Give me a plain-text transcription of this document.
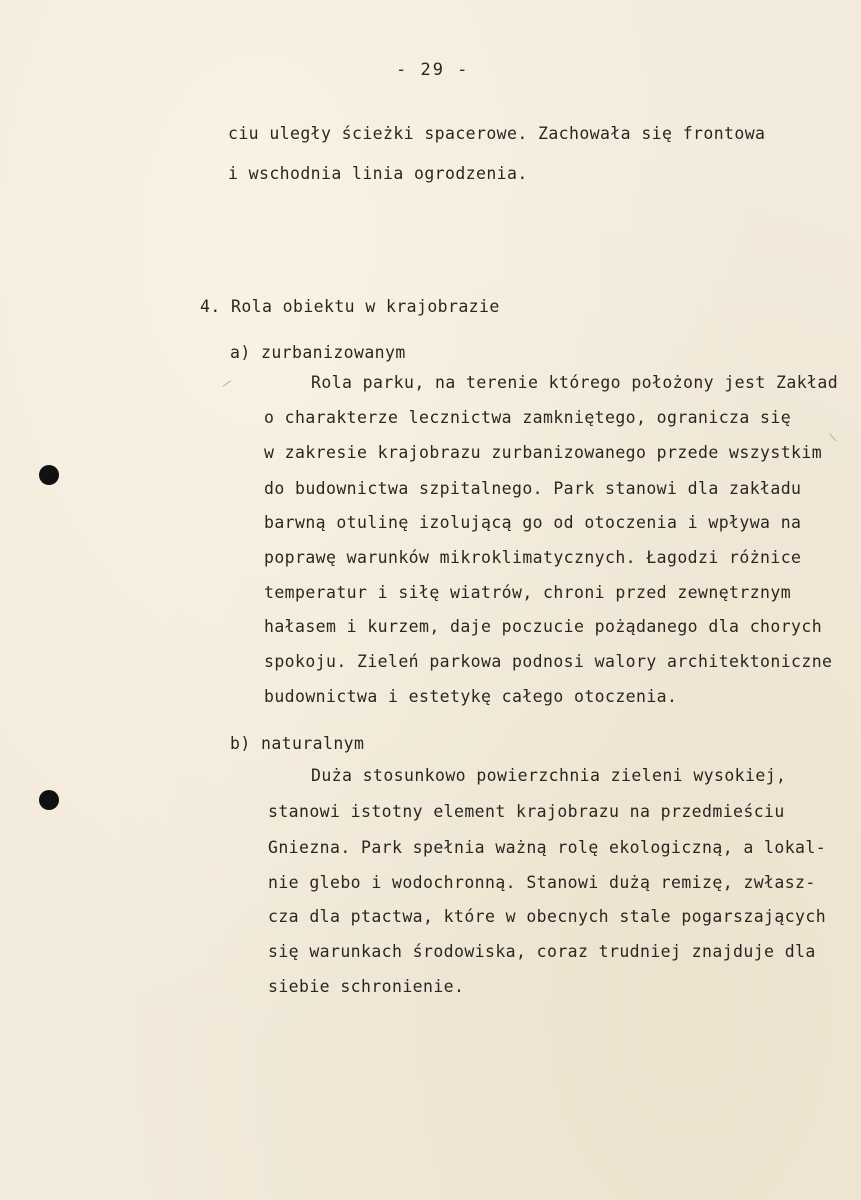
- 29 -
ciu uległy ścieżki spacerowe. Zachowała się frontowa
i wschodnia linia ogrodzenia.
4. Rola obiektu w krajobrazie
a) zurbanizowanym
Rola parku, na terenie którego położony jest Zakład
o charakterze lecznictwa zamkniętego, ogranicza się
w zakresie krajobrazu zurbanizowanego przede wszystkim
do budownictwa szpitalnego. Park stanowi dla zakładu
barwną otulinę izolującą go od otoczenia i wpływa na
poprawę warunków mikroklimatycznych. Łagodzi różnice
temperatur i siłę wiatrów, chroni przed zewnętrznym
hałasem i kurzem, daje poczucie pożądanego dla chorych
spokoju. Zieleń parkowa podnosi walory architektoniczne
budownictwa i estetykę całego otoczenia.
b) naturalnym
Duża stosunkowo powierzchnia zieleni wysokiej,
stanowi istotny element krajobrazu na przedmieściu
Gniezna. Park spełnia ważną rolę ekologiczną, a lokal-
nie glebo i wodochronną. Stanowi dużą remizę, zwłasz-
cza dla ptactwa, które w obecnych stale pogarszających
się warunkach środowiska, coraz trudniej znajduje dla
siebie schronienie.
